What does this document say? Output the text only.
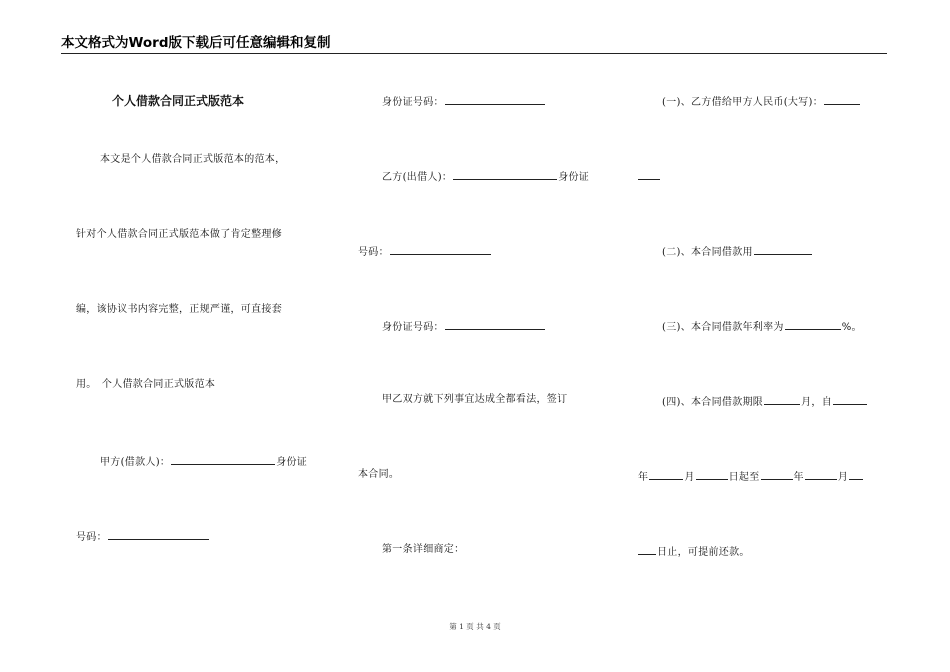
本文格式为Word版下载后可任意编辑和复制
个人借款合同正式版范本
本文是个人借款合同正式版范本的范本，
针对个人借款合同正式版范本做了肯定整理修
编，该协议书内容完整，正规严谨，可直接套
用。　个人借款合同正式版范本
甲方(借款人)：	身份证
号码：
身份证号码：
乙方(出借人)：	身份证
号码：
身份证号码：
甲乙双方就下列事宜达成全都看法，签订
本合同。
第一条详细商定：
(一)、乙方借给甲方人民币(大写)：
(二)、本合同借款用
(三)、本合同借款年利率为	%。
(四)、本合同借款期限	月，自
年	月	日起至	年	月
日止，可提前还款。
第 1 页 共 4 页
